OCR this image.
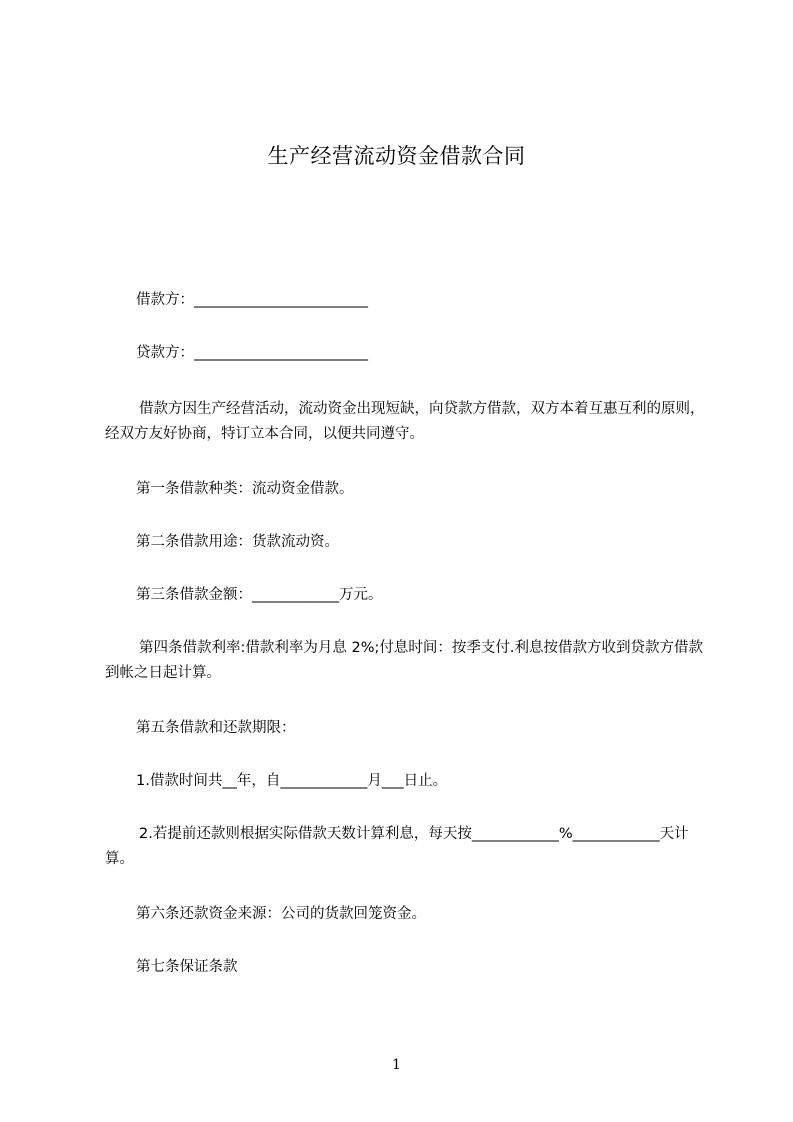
生产经营流动资金借款合同
借款方：________________________
贷款方：________________________
借款方因生产经营活动，流动资金出现短缺，向贷款方借款，双方本着互惠互利的原则，经双方友好协商，特订立本合同，以便共同遵守。
第一条借款种类：流动资金借款。
第二条借款用途：货款流动资。
第三条借款金额：____________万元。
第四条借款利率:借款利率为月息 2%;付息时间：按季支付.利息按借款方收到贷款方借款到帐之日起计算。
第五条借款和还款期限：
1.借款时间共__年，自____________月___日止。
2.若提前还款则根据实际借款天数计算利息，每天按____________%____________天计算。
第六条还款资金来源：公司的货款回笼资金。
第七条保证条款
1
